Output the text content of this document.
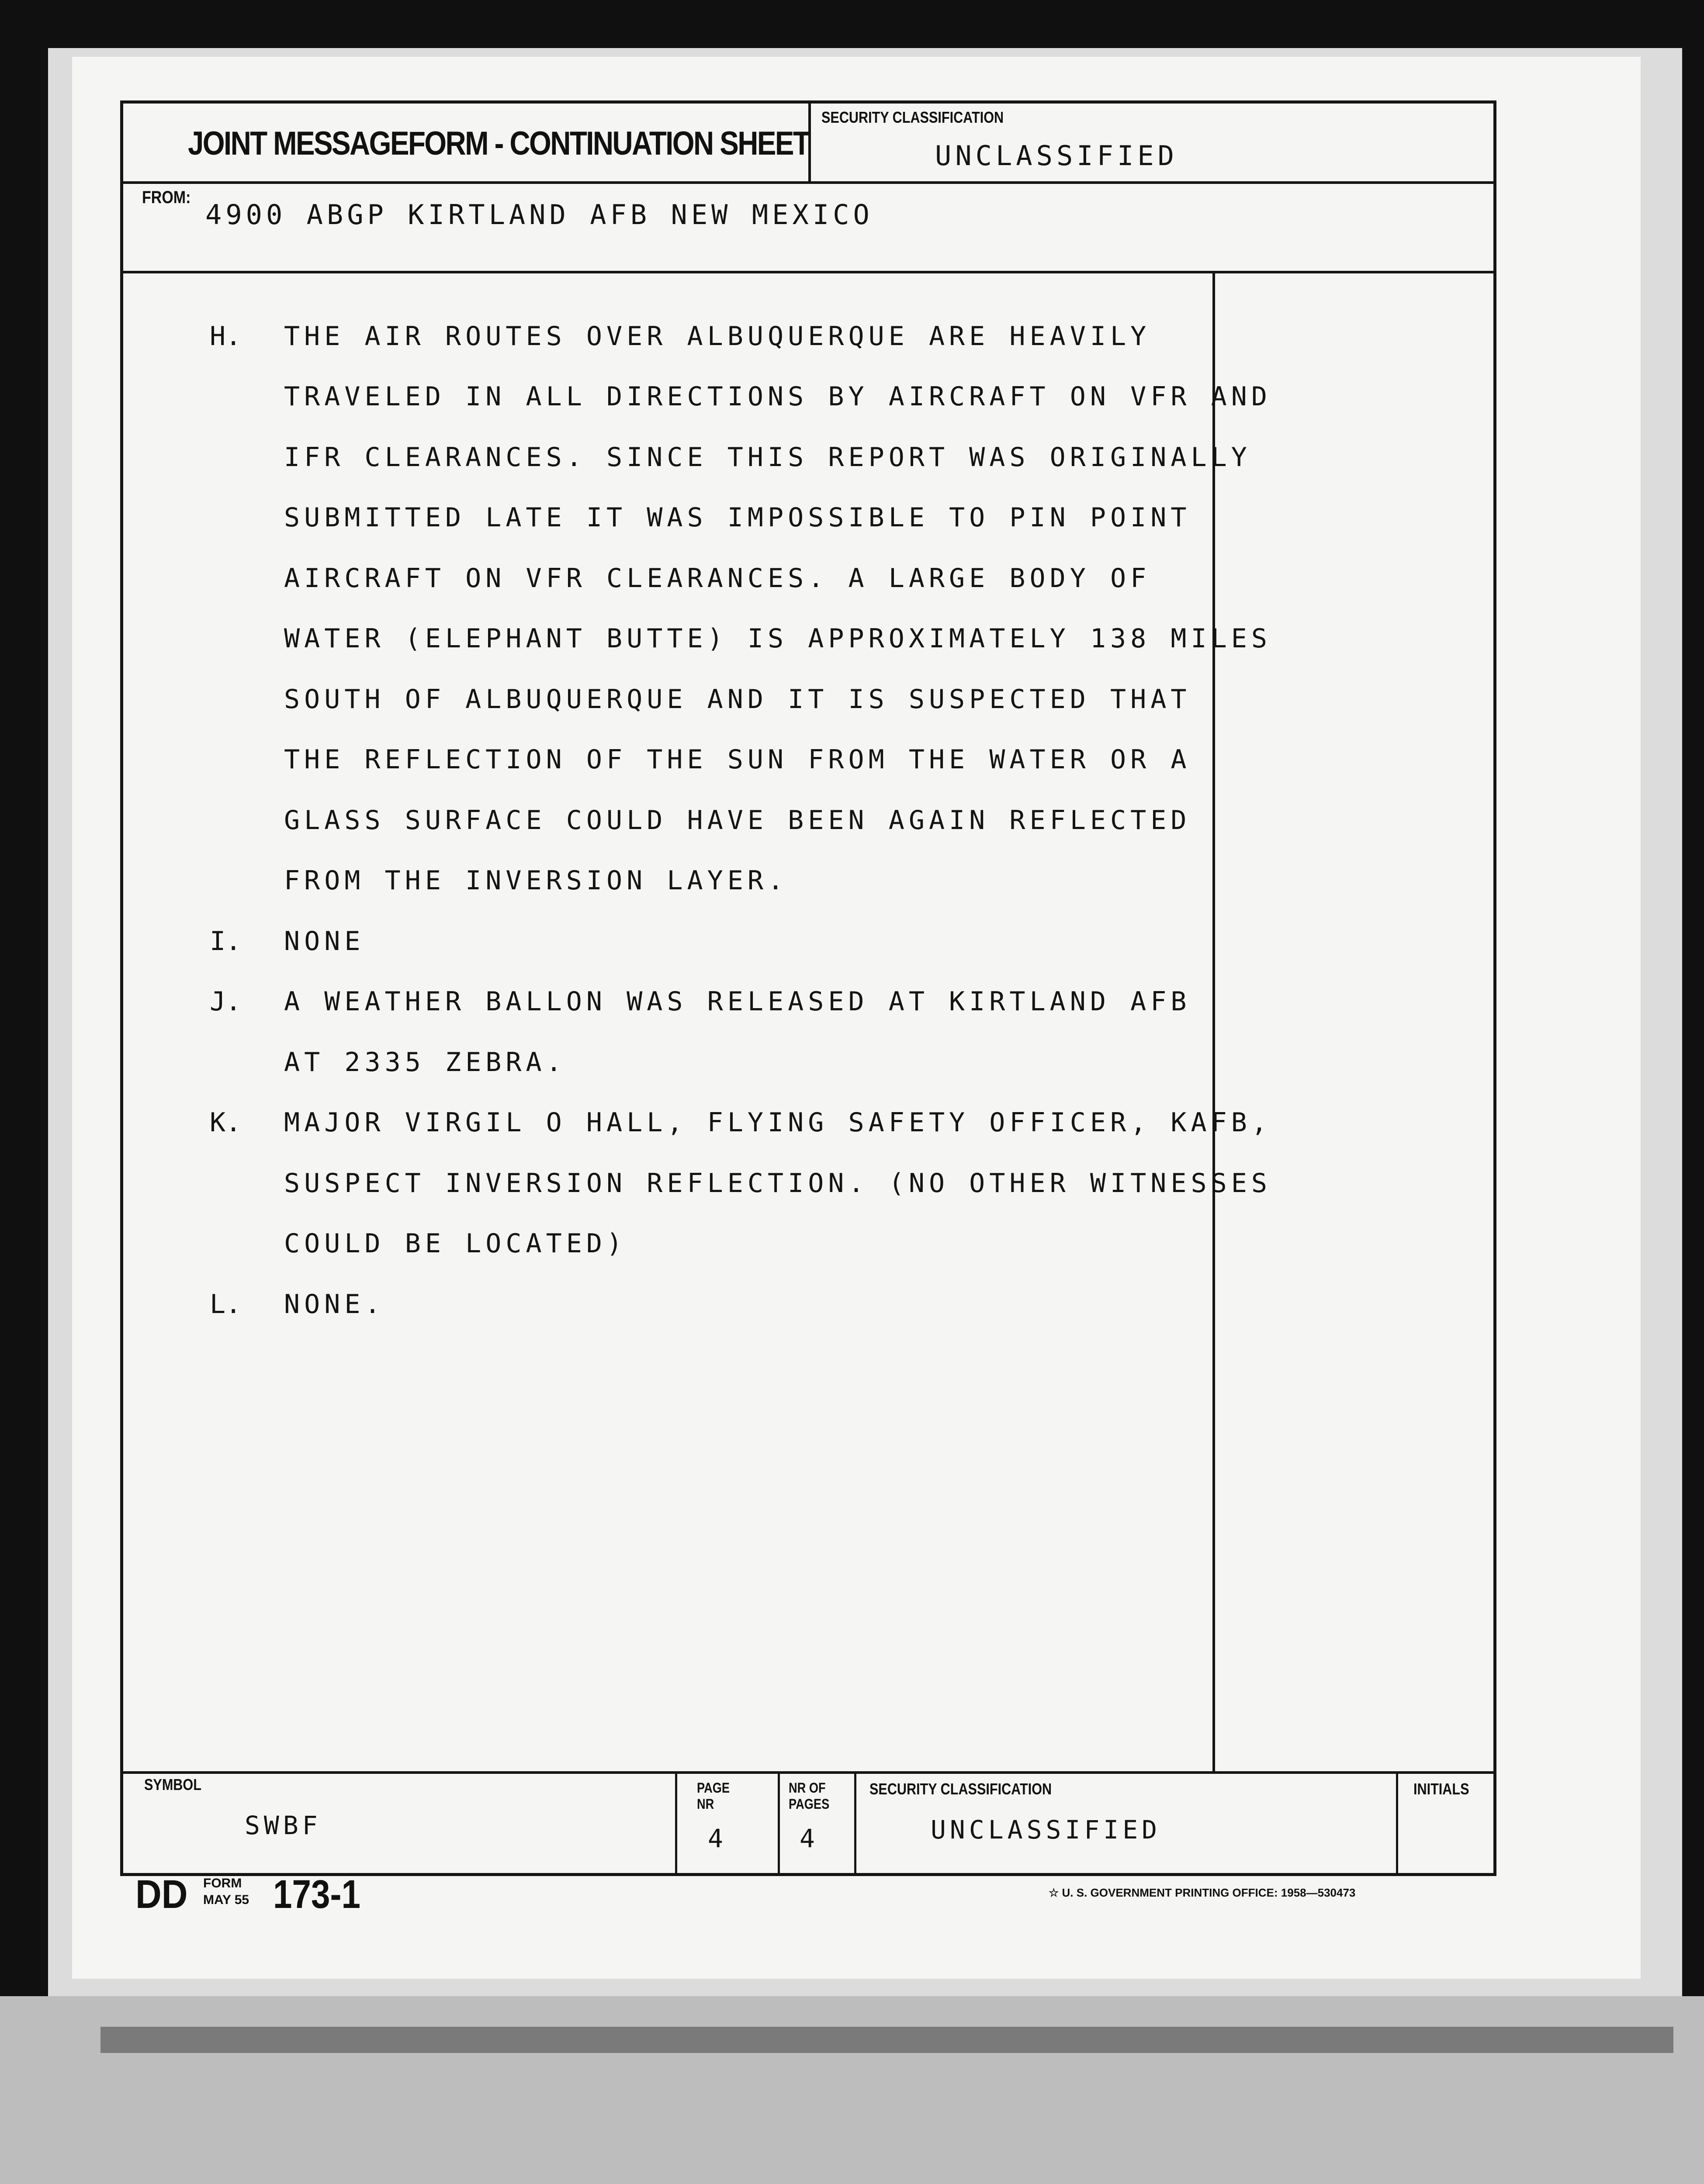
JOINT MESSAGEFORM - CONTINUATION SHEET
SECURITY CLASSIFICATION
UNCLASSIFIED
FROM:
4900 ABGP KIRTLAND AFB NEW MEXICO
H. THE AIR ROUTES OVER ALBUQUERQUE ARE HEAVILY
TRAVELED IN ALL DIRECTIONS BY AIRCRAFT ON VFR AND
IFR CLEARANCES. SINCE THIS REPORT WAS ORIGINALLY
SUBMITTED LATE IT WAS IMPOSSIBLE TO PIN POINT
AIRCRAFT ON VFR CLEARANCES. A LARGE BODY OF
WATER (ELEPHANT BUTTE) IS APPROXIMATELY 138 MILES
SOUTH OF ALBUQUERQUE AND IT IS SUSPECTED THAT
THE REFLECTION OF THE SUN FROM THE WATER OR A
GLASS SURFACE COULD HAVE BEEN AGAIN REFLECTED
FROM THE INVERSION LAYER.
I. NONE
J. A WEATHER BALLON WAS RELEASED AT KIRTLAND AFB
AT 2335 ZEBRA.
K. MAJOR VIRGIL O HALL, FLYING SAFETY OFFICER, KAFB,
SUSPECT INVERSION REFLECTION. (NO OTHER WITNESSES
COULD BE LOCATED)
L. NONE.
SYMBOL
SWBF
PAGE
NR
4
NR OF
PAGES
4
SECURITY CLASSIFICATION
UNCLASSIFIED
INITIALS
DD FORM
MAY 55 173-1	☆ U. S. GOVERNMENT PRINTING OFFICE: 1958—530473
